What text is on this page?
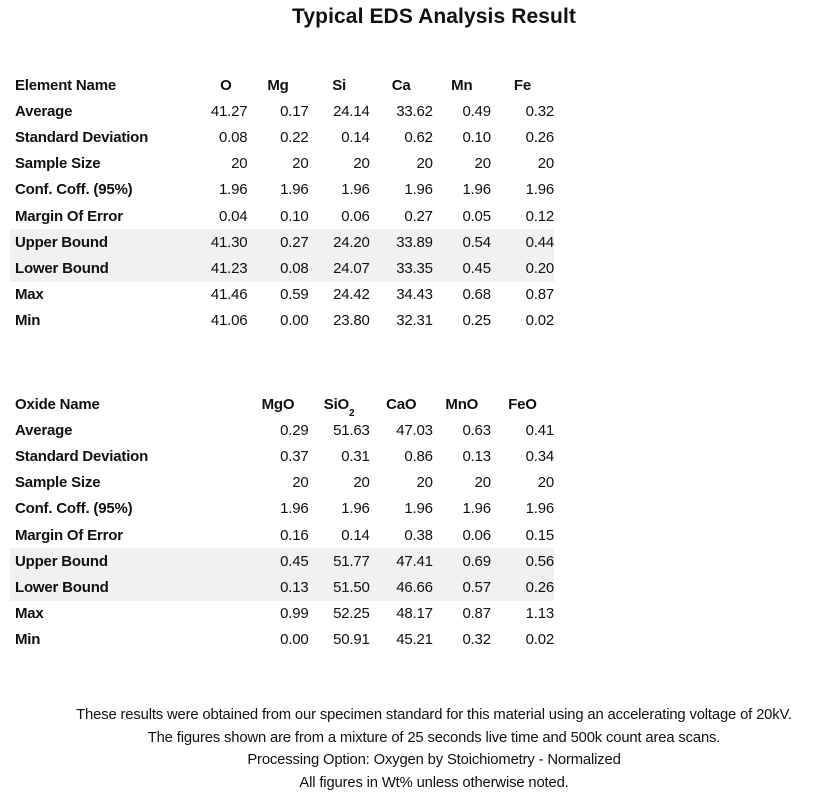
Typical EDS Analysis Result
Element Name	O	Mg	Si	Ca	Mn	Fe
Average	41.27	0.17	24.14	33.62	0.49	0.32
Standard Deviation	0.08	0.22	0.14	0.62	0.10	0.26
Sample Size	20	20	20	20	20	20
Conf. Coff. (95%)	1.96	1.96	1.96	1.96	1.96	1.96
Margin Of Error	0.04	0.10	0.06	0.27	0.05	0.12
Upper Bound	41.30	0.27	24.20	33.89	0.54	0.44
Lower Bound	41.23	0.08	24.07	33.35	0.45	0.20
Max	41.46	0.59	24.42	34.43	0.68	0.87
Min	41.06	0.00	23.80	32.31	0.25	0.02
Oxide Name		MgO	SiO$_2$	CaO	MnO	FeO
Average		0.29	51.63	47.03	0.63	0.41
Standard Deviation		0.37	0.31	0.86	0.13	0.34
Sample Size		20	20	20	20	20
Conf. Coff. (95%)		1.96	1.96	1.96	1.96	1.96
Margin Of Error		0.16	0.14	0.38	0.06	0.15
Upper Bound		0.45	51.77	47.41	0.69	0.56
Lower Bound		0.13	51.50	46.66	0.57	0.26
Max		0.99	52.25	48.17	0.87	1.13
Min		0.00	50.91	45.21	0.32	0.02
These results were obtained from our specimen standard for this material using an accelerating voltage of 20kV.
The figures shown are from a mixture of 25 seconds live time and 500k count area scans.
Processing Option: Oxygen by Stoichiometry - Normalized
All figures in Wt% unless otherwise noted.
